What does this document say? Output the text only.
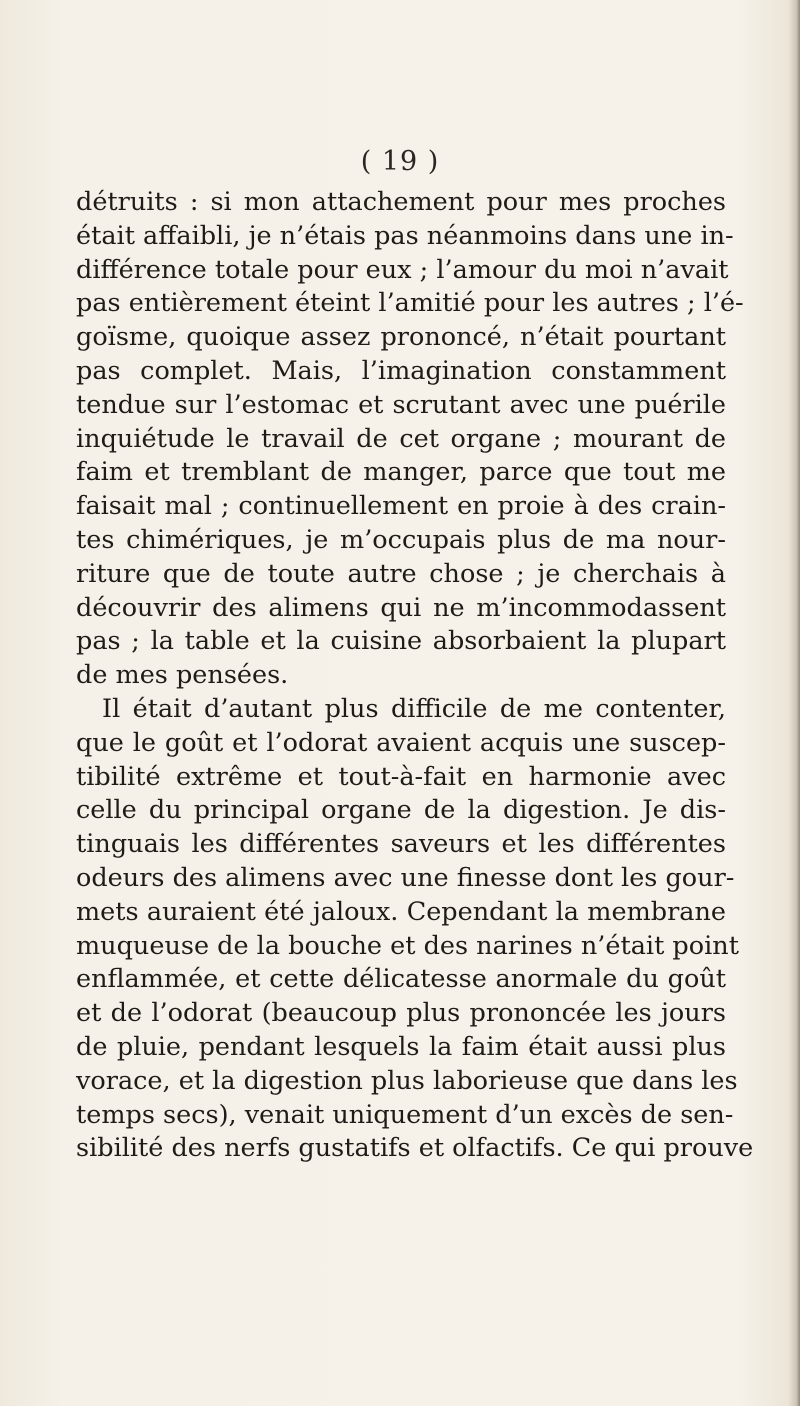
( 19 )
détruits : si mon attachement pour mes proches
était affaibli, je n’étais pas néanmoins dans une in-
différence totale pour eux ; l’amour du moi n’avait
pas entièrement éteint l’amitié pour les autres ; l’é-
goïsme, quoique assez prononcé, n’était pourtant
pas complet. Mais, l’imagination constamment
tendue sur l’estomac et scrutant avec une puérile
inquiétude le travail de cet organe ; mourant de
faim et tremblant de manger, parce que tout me
faisait mal ; continuellement en proie à des crain-
tes chimériques, je m’occupais plus de ma nour-
riture que de toute autre chose ; je cherchais à
découvrir des alimens qui ne m’incommodassent
pas ; la table et la cuisine absorbaient la plupart
de mes pensées.
Il était d’autant plus difficile de me contenter,
que le goût et l’odorat avaient acquis une suscep-
tibilité extrême et tout-à-fait en harmonie avec
celle du principal organe de la digestion. Je dis-
tinguais les différentes saveurs et les différentes
odeurs des alimens avec une finesse dont les gour-
mets auraient été jaloux. Cependant la membrane
muqueuse de la bouche et des narines n’était point
enflammée, et cette délicatesse anormale du goût
et de l’odorat (beaucoup plus prononcée les jours
de pluie, pendant lesquels la faim était aussi plus
vorace, et la digestion plus laborieuse que dans les
temps secs), venait uniquement d’un excès de sen-
sibilité des nerfs gustatifs et olfactifs. Ce qui prouve
